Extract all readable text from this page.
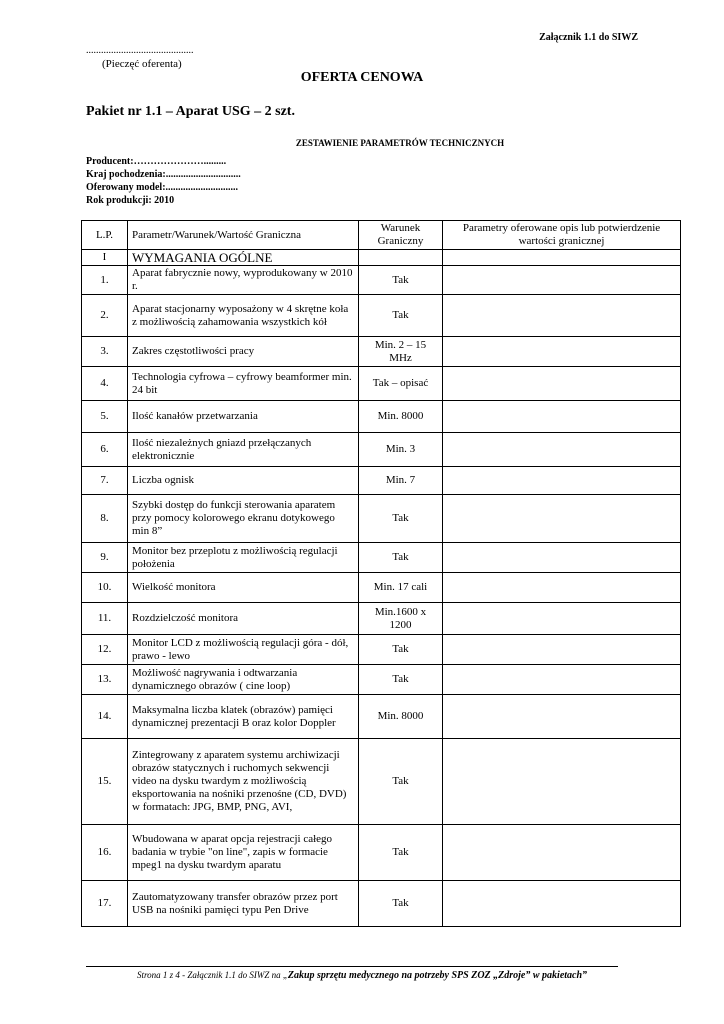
Załącznik 1.1 do SIWZ
...........................................
(Pieczęć oferenta)
OFERTA CENOWA
Pakiet nr 1.1 – Aparat USG – 2 szt.
ZESTAWIENIE PARAMETRÓW TECHNICZNYCH
Producent:………………….........
Kraj pochodzenia:..............................
Oferowany model:.............................
Rok produkcji: 2010
L.P.	Parametr/Warunek/Wartość Graniczna	Warunek Graniczny	Parametry oferowane opis lub potwierdzenie wartości granicznej
I	WYMAGANIA OGÓLNE		
1.	Aparat fabrycznie nowy, wyprodukowany w 2010 r.	Tak	
2.	Aparat stacjonarny wyposażony w 4 skrętne koła z możliwością zahamowania wszystkich kół	Tak	
3.	Zakres częstotliwości pracy	Min. 2 – 15 MHz	
4.	Technologia cyfrowa – cyfrowy beamformer min. 24 bit	Tak – opisać	
5.	Ilość kanałów przetwarzania	Min. 8000	
6.	Ilość niezależnych gniazd przełączanych elektronicznie	Min. 3	
7.	Liczba ognisk	Min. 7	
8.	Szybki dostęp do funkcji sterowania aparatem przy pomocy kolorowego ekranu dotykowego min 8”	Tak	
9.	Monitor bez przeplotu z możliwością regulacji położenia	Tak	
10.	Wielkość monitora	Min. 17 cali	
11.	Rozdzielczość monitora	Min.1600 x 1200	
12.	Monitor LCD z możliwością regulacji góra - dół, prawo - lewo	Tak	
13.	Możliwość nagrywania i odtwarzania dynamicznego obrazów ( cine loop)	Tak	
14.	Maksymalna liczba klatek (obrazów) pamięci dynamicznej prezentacji B oraz kolor Doppler	Min. 8000	
15.	Zintegrowany z aparatem systemu archiwizacji obrazów statycznych i ruchomych sekwencji video na dysku twardym z możliwością eksportowania na nośniki przenośne (CD, DVD) w formatach: JPG, BMP, PNG, AVI,	Tak	
16.	Wbudowana w aparat opcja rejestracji całego badania w trybie "on line", zapis w formacie mpeg1 na dysku twardym aparatu	Tak	
17.	Zautomatyzowany transfer obrazów przez port USB na nośniki pamięci typu Pen Drive	Tak	
Strona 1 z 4 - Załącznik 1.1 do SIWZ na „Zakup sprzętu medycznego na potrzeby SPS ZOZ „Zdroje” w pakietach”
